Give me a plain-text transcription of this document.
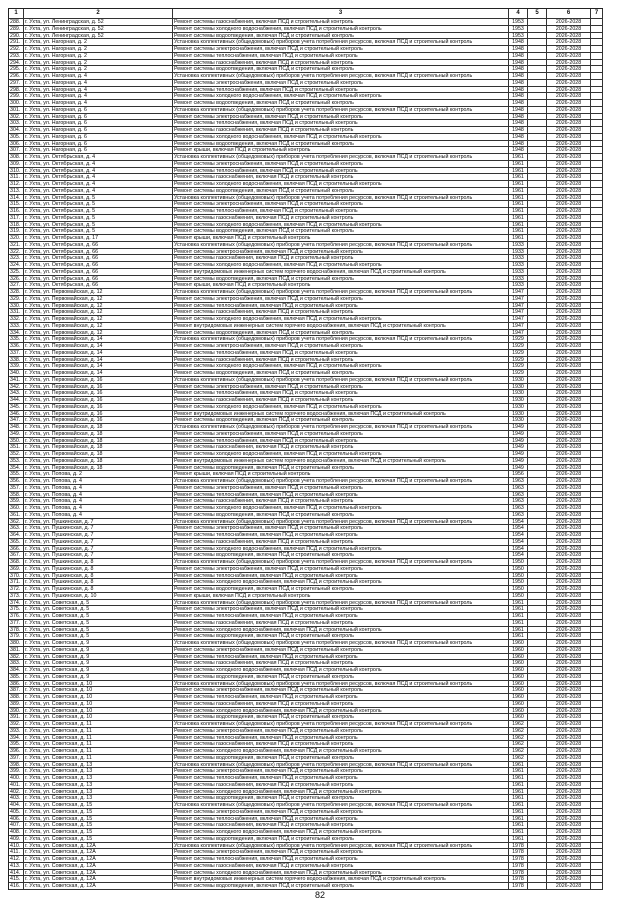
1	2	3	4	5	6	7
288. г. Ухта, ул. Ленинградская, д. 52	Ремонт системы газоснабжения, включая ПСД и строительный контроль	1953	2026-2028
289. г. Ухта, ул. Ленинградская, д. 52	Ремонт системы холодного водоснабжения, включая ПСД и строительный контроль	1953	2026-2028
290. г. Ухта, ул. Ленинградская, д. 52	Ремонт системы водоотведения, включая ПСД и строительный контроль	1953	2026-2028
291. г. Ухта, ул. Нагорная, д. 2	Установка коллективных (общедомовых) приборов учета потребления ресурсов, включая ПСД и строительный контроль	1948	2026-2028
292. г. Ухта, ул. Нагорная, д. 2	Ремонт системы электроснабжения, включая ПСД и строительный контроль	1948	2026-2028
293. г. Ухта, ул. Нагорная, д. 2	Ремонт системы теплоснабжения, включая ПСД и строительный контроль	1948	2026-2028
294. г. Ухта, ул. Нагорная, д. 2	Ремонт системы газоснабжения, включая ПСД и строительный контроль	1948	2026-2028
295. г. Ухта, ул. Нагорная, д. 2	Ремонт системы водоотведения, включая ПСД и строительный контроль	1948	2026-2028
296. г. Ухта, ул. Нагорная, д. 4	Установка коллективных (общедомовых) приборов учета потребления ресурсов, включая ПСД и строительный контроль	1948	2026-2028
297. г. Ухта, ул. Нагорная, д. 4	Ремонт системы электроснабжения, включая ПСД и строительный контроль	1948	2026-2028
298. г. Ухта, ул. Нагорная, д. 4	Ремонт системы теплоснабжения, включая ПСД и строительный контроль	1948	2026-2028
299. г. Ухта, ул. Нагорная, д. 4	Ремонт системы холодного водоснабжения, включая ПСД и строительный контроль	1948	2026-2028
300. г. Ухта, ул. Нагорная, д. 4	Ремонт системы водоотведения, включая ПСД и строительный контроль	1948	2026-2028
301. г. Ухта, ул. Нагорная, д. 6	Установка коллективных (общедомовых) приборов учета потребления ресурсов, включая ПСД и строительный контроль	1948	2026-2028
302. г. Ухта, ул. Нагорная, д. 6	Ремонт системы электроснабжения, включая ПСД и строительный контроль	1948	2026-2028
303. г. Ухта, ул. Нагорная, д. 6	Ремонт системы теплоснабжения, включая ПСД и строительный контроль	1948	2026-2028
304. г. Ухта, ул. Нагорная, д. 6	Ремонт системы газоснабжения, включая ПСД и строительный контроль	1948	2026-2028
305. г. Ухта, ул. Нагорная, д. 6	Ремонт системы холодного водоснабжения, включая ПСД и строительный контроль	1948	2026-2028
306. г. Ухта, ул. Нагорная, д. 6	Ремонт системы водоотведения, включая ПСД и строительный контроль	1948	2026-2028
307. г. Ухта, ул. Нагорная, д. 6	Ремонт крыши, включая ПСД и строительный контроль	1948	2026-2028
308. г. Ухта, ул. Октябрьская, д. 4	Установка коллективных (общедомовых) приборов учета потребления ресурсов, включая ПСД и строительный контроль	1961	2026-2028
309. г. Ухта, ул. Октябрьская, д. 4	Ремонт системы электроснабжения, включая ПСД и строительный контроль	1961	2026-2028
310. г. Ухта, ул. Октябрьская, д. 4	Ремонт системы теплоснабжения, включая ПСД и строительный контроль	1961	2026-2028
311. г. Ухта, ул. Октябрьская, д. 4	Ремонт системы газоснабжения, включая ПСД и строительный контроль	1961	2026-2028
312. г. Ухта, ул. Октябрьская, д. 4	Ремонт системы холодного водоснабжения, включая ПСД и строительный контроль	1961	2026-2028
313. г. Ухта, ул. Октябрьская, д. 4	Ремонт системы водоотведения, включая ПСД и строительный контроль	1961	2026-2028
314. г. Ухта, ул. Октябрьская, д. 5	Установка коллективных (общедомовых) приборов учета потребления ресурсов, включая ПСД и строительный контроль	1961	2026-2028
315. г. Ухта, ул. Октябрьская, д. 5	Ремонт системы электроснабжения, включая ПСД и строительный контроль	1961	2026-2028
316. г. Ухта, ул. Октябрьская, д. 5	Ремонт системы теплоснабжения, включая ПСД и строительный контроль	1961	2026-2028
317. г. Ухта, ул. Октябрьская, д. 5	Ремонт системы газоснабжения, включая ПСД и строительный контроль	1961	2026-2028
318. г. Ухта, ул. Октябрьская, д. 5	Ремонт системы холодного водоснабжения, включая ПСД и строительный контроль	1961	2026-2028
319. г. Ухта, ул. Октябрьская, д. 5	Ремонт системы водоотведения, включая ПСД и строительный контроль	1961	2026-2028
320. г. Ухта, ул. Октябрьская, д. 17	Ремонт крыши, включая ПСД и строительный контроль	1961	2026-2028
321. г. Ухта, ул. Октябрьская, д. 66	Установка коллективных (общедомовых) приборов учета потребления ресурсов, включая ПСД и строительный контроль	1933	2026-2028
322. г. Ухта, ул. Октябрьская, д. 66	Ремонт системы электроснабжения, включая ПСД и строительный контроль	1933	2026-2028
323. г. Ухта, ул. Октябрьская, д. 66	Ремонт системы газоснабжения, включая ПСД и строительный контроль	1933	2026-2028
324. г. Ухта, ул. Октябрьская, д. 66	Ремонт системы холодного водоснабжения, включая ПСД и строительный контроль	1933	2026-2028
325. г. Ухта, ул. Октябрьская, д. 66	Ремонт внутридомовых инженерных систем горячего водоснабжения, включая ПСД и строительный контроль	1933	2026-2028
326. г. Ухта, ул. Октябрьская, д. 66	Ремонт системы водоотведения, включая ПСД и строительный контроль	1933	2026-2028
327. г. Ухта, ул. Октябрьская, д. 66	Ремонт крыши, включая ПСД и строительный контроль	1933	2026-2028
328. г. Ухта, ул. Первомайская, д. 12	Установка коллективных (общедомовых) приборов учета потребления ресурсов, включая ПСД и строительный контроль	1947	2026-2028
329. г. Ухта, ул. Первомайская, д. 12	Ремонт системы электроснабжения, включая ПСД и строительный контроль	1947	2026-2028
330. г. Ухта, ул. Первомайская, д. 12	Ремонт системы теплоснабжения, включая ПСД и строительный контроль	1947	2026-2028
331. г. Ухта, ул. Первомайская, д. 12	Ремонт системы газоснабжения, включая ПСД и строительный контроль	1947	2026-2028
332. г. Ухта, ул. Первомайская, д. 12	Ремонт системы холодного водоснабжения, включая ПСД и строительный контроль	1947	2026-2028
333. г. Ухта, ул. Первомайская, д. 12	Ремонт внутридомовых инженерных систем горячего водоснабжения, включая ПСД и строительный контроль	1947	2026-2028
334. г. Ухта, ул. Первомайская, д. 12	Ремонт системы водоотведения, включая ПСД и строительный контроль	1947	2026-2028
335. г. Ухта, ул. Первомайская, д. 14	Установка коллективных (общедомовых) приборов учета потребления ресурсов, включая ПСД и строительный контроль	1929	2026-2028
336. г. Ухта, ул. Первомайская, д. 14	Ремонт системы электроснабжения, включая ПСД и строительный контроль	1929	2026-2028
337. г. Ухта, ул. Первомайская, д. 14	Ремонт системы теплоснабжения, включая ПСД и строительный контроль	1929	2026-2028
338. г. Ухта, ул. Первомайская, д. 14	Ремонт системы газоснабжения, включая ПСД и строительный контроль	1929	2026-2028
339. г. Ухта, ул. Первомайская, д. 14	Ремонт системы холодного водоснабжения, включая ПСД и строительный контроль	1929	2026-2028
340. г. Ухта, ул. Первомайская, д. 14	Ремонт системы водоотведения, включая ПСД и строительный контроль	1929	2026-2028
341. г. Ухта, ул. Первомайская, д. 16	Установка коллективных (общедомовых) приборов учета потребления ресурсов, включая ПСД и строительный контроль	1930	2026-2028
342. г. Ухта, ул. Первомайская, д. 16	Ремонт системы электроснабжения, включая ПСД и строительный контроль	1930	2026-2028
343. г. Ухта, ул. Первомайская, д. 16	Ремонт системы теплоснабжения, включая ПСД и строительный контроль	1930	2026-2028
344. г. Ухта, ул. Первомайская, д. 16	Ремонт системы газоснабжения, включая ПСД и строительный контроль	1930	2026-2028
345. г. Ухта, ул. Первомайская, д. 16	Ремонт системы холодного водоснабжения, включая ПСД и строительный контроль	1930	2026-2028
346. г. Ухта, ул. Первомайская, д. 16	Ремонт внутридомовых инженерных систем горячего водоснабжения, включая ПСД и строительный контроль	1930	2026-2028
347. г. Ухта, ул. Первомайская, д. 16	Ремонт системы водоотведения, включая ПСД и строительный контроль	1930	2026-2028
348. г. Ухта, ул. Первомайская, д. 18	Установка коллективных (общедомовых) приборов учета потребления ресурсов, включая ПСД и строительный контроль	1949	2026-2028
349. г. Ухта, ул. Первомайская, д. 18	Ремонт системы электроснабжения, включая ПСД и строительный контроль	1949	2026-2028
350. г. Ухта, ул. Первомайская, д. 18	Ремонт системы теплоснабжения, включая ПСД и строительный контроль	1949	2026-2028
351. г. Ухта, ул. Первомайская, д. 18	Ремонт системы газоснабжения, включая ПСД и строительный контроль	1949	2026-2028
352. г. Ухта, ул. Первомайская, д. 18	Ремонт системы холодного водоснабжения, включая ПСД и строительный контроль	1949	2026-2028
353. г. Ухта, ул. Первомайская, д. 18	Ремонт внутридомовых инженерных систем горячего водоснабжения, включая ПСД и строительный контроль	1949	2026-2028
354. г. Ухта, ул. Первомайская, д. 18	Ремонт системы водоотведения, включая ПСД и строительный контроль	1949	2026-2028
355. г. Ухта, ул. Попова, д. 2	Ремонт крыши, включая ПСД и строительный контроль	1956	2026-2028
356. г. Ухта, ул. Попова, д. 4	Установка коллективных (общедомовых) приборов учета потребления ресурсов, включая ПСД и строительный контроль	1963	2026-2028
357. г. Ухта, ул. Попова, д. 4	Ремонт системы электроснабжения, включая ПСД и строительный контроль	1963	2026-2028
358. г. Ухта, ул. Попова, д. 4	Ремонт системы теплоснабжения, включая ПСД и строительный контроль	1963	2026-2028
359. г. Ухта, ул. Попова, д. 4	Ремонт системы газоснабжения, включая ПСД и строительный контроль	1963	2026-2028
360. г. Ухта, ул. Попова, д. 4	Ремонт системы холодного водоснабжения, включая ПСД и строительный контроль	1963	2026-2028
361. г. Ухта, ул. Попова, д. 4	Ремонт системы водоотведения, включая ПСД и строительный контроль	1963	2026-2028
362. г. Ухта, ул. Пушкинская, д. 7	Установка коллективных (общедомовых) приборов учета потребления ресурсов, включая ПСД и строительный контроль	1954	2026-2028
363. г. Ухта, ул. Пушкинская, д. 7	Ремонт системы электроснабжения, включая ПСД и строительный контроль	1954	2026-2028
364. г. Ухта, ул. Пушкинская, д. 7	Ремонт системы теплоснабжения, включая ПСД и строительный контроль	1954	2026-2028
365. г. Ухта, ул. Пушкинская, д. 7	Ремонт системы газоснабжения, включая ПСД и строительный контроль	1954	2026-2028
366. г. Ухта, ул. Пушкинская, д. 7	Ремонт системы холодного водоснабжения, включая ПСД и строительный контроль	1954	2026-2028
367. г. Ухта, ул. Пушкинская, д. 7	Ремонт системы водоотведения, включая ПСД и строительный контроль	1954	2026-2028
368. г. Ухта, ул. Пушкинская, д. 8	Установка коллективных (общедомовых) приборов учета потребления ресурсов, включая ПСД и строительный контроль	1950	2026-2028
369. г. Ухта, ул. Пушкинская, д. 8	Ремонт системы электроснабжения, включая ПСД и строительный контроль	1950	2026-2028
370. г. Ухта, ул. Пушкинская, д. 8	Ремонт системы теплоснабжения, включая ПСД и строительный контроль	1950	2026-2028
371. г. Ухта, ул. Пушкинская, д. 8	Ремонт системы холодного водоснабжения, включая ПСД и строительный контроль	1950	2026-2028
372. г. Ухта, ул. Пушкинская, д. 8	Ремонт системы водоотведения, включая ПСД и строительный контроль	1950	2026-2028
373. г. Ухта, ул. Пушкинская, д. 10	Ремонт крыши, включая ПСД и строительный контроль	1950	2026-2028
374. г. Ухта, ул. Советская, д. 5	Установка коллективных (общедомовых) приборов учета потребления ресурсов, включая ПСД и строительный контроль	1961	2026-2028
375. г. Ухта, ул. Советская, д. 5	Ремонт системы электроснабжения, включая ПСД и строительный контроль	1961	2026-2028
376. г. Ухта, ул. Советская, д. 5	Ремонт системы теплоснабжения, включая ПСД и строительный контроль	1961	2026-2028
377. г. Ухта, ул. Советская, д. 5	Ремонт системы газоснабжения, включая ПСД и строительный контроль	1961	2026-2028
378. г. Ухта, ул. Советская, д. 5	Ремонт системы холодного водоснабжения, включая ПСД и строительный контроль	1961	2026-2028
379. г. Ухта, ул. Советская, д. 5	Ремонт системы водоотведения, включая ПСД и строительный контроль	1961	2026-2028
380. г. Ухта, ул. Советская, д. 9	Установка коллективных (общедомовых) приборов учета потребления ресурсов, включая ПСД и строительный контроль	1960	2026-2028
381. г. Ухта, ул. Советская, д. 9	Ремонт системы электроснабжения, включая ПСД и строительный контроль	1960	2026-2028
382. г. Ухта, ул. Советская, д. 9	Ремонт системы теплоснабжения, включая ПСД и строительный контроль	1960	2026-2028
383. г. Ухта, ул. Советская, д. 9	Ремонт системы газоснабжения, включая ПСД и строительный контроль	1960	2026-2028
384. г. Ухта, ул. Советская, д. 9	Ремонт системы холодного водоснабжения, включая ПСД и строительный контроль	1960	2026-2028
385. г. Ухта, ул. Советская, д. 9	Ремонт системы водоотведения, включая ПСД и строительный контроль	1960	2026-2028
386. г. Ухта, ул. Советская, д. 10	Установка коллективных (общедомовых) приборов учета потребления ресурсов, включая ПСД и строительный контроль	1960	2026-2028
387. г. Ухта, ул. Советская, д. 10	Ремонт системы электроснабжения, включая ПСД и строительный контроль	1960	2026-2028
388. г. Ухта, ул. Советская, д. 10	Ремонт системы теплоснабжения, включая ПСД и строительный контроль	1960	2026-2028
389. г. Ухта, ул. Советская, д. 10	Ремонт системы газоснабжения, включая ПСД и строительный контроль	1960	2026-2028
390. г. Ухта, ул. Советская, д. 10	Ремонт системы холодного водоснабжения, включая ПСД и строительный контроль	1960	2026-2028
391. г. Ухта, ул. Советская, д. 10	Ремонт системы водоотведения, включая ПСД и строительный контроль	1960	2026-2028
392. г. Ухта, ул. Советская, д. 11	Установка коллективных (общедомовых) приборов учета потребления ресурсов, включая ПСД и строительный контроль	1962	2026-2028
393. г. Ухта, ул. Советская, д. 11	Ремонт системы электроснабжения, включая ПСД и строительный контроль	1962	2026-2028
394. г. Ухта, ул. Советская, д. 11	Ремонт системы теплоснабжения, включая ПСД и строительный контроль	1962	2026-2028
395. г. Ухта, ул. Советская, д. 11	Ремонт системы газоснабжения, включая ПСД и строительный контроль	1962	2026-2028
396. г. Ухта, ул. Советская, д. 11	Ремонт системы холодного водоснабжения, включая ПСД и строительный контроль	1962	2026-2028
397. г. Ухта, ул. Советская, д. 11	Ремонт системы водоотведения, включая ПСД и строительный контроль	1962	2026-2028
398. г. Ухта, ул. Советская, д. 13	Установка коллективных (общедомовых) приборов учета потребления ресурсов, включая ПСД и строительный контроль	1961	2026-2028
399. г. Ухта, ул. Советская, д. 13	Ремонт системы электроснабжения, включая ПСД и строительный контроль	1961	2026-2028
400. г. Ухта, ул. Советская, д. 13	Ремонт системы теплоснабжения, включая ПСД и строительный контроль	1961	2026-2028
401. г. Ухта, ул. Советская, д. 13	Ремонт системы газоснабжения, включая ПСД и строительный контроль	1961	2026-2028
402. г. Ухта, ул. Советская, д. 13	Ремонт системы холодного водоснабжения, включая ПСД и строительный контроль	1961	2026-2028
403. г. Ухта, ул. Советская, д. 13	Ремонт системы водоотведения, включая ПСД и строительный контроль	1961	2026-2028
404. г. Ухта, ул. Советская, д. 15	Установка коллективных (общедомовых) приборов учета потребления ресурсов, включая ПСД и строительный контроль	1961	2026-2028
405. г. Ухта, ул. Советская, д. 15	Ремонт системы электроснабжения, включая ПСД и строительный контроль	1961	2026-2028
406. г. Ухта, ул. Советская, д. 15	Ремонт системы теплоснабжения, включая ПСД и строительный контроль	1961	2026-2028
407. г. Ухта, ул. Советская, д. 15	Ремонт системы газоснабжения, включая ПСД и строительный контроль	1961	2026-2028
408. г. Ухта, ул. Советская, д. 15	Ремонт системы холодного водоснабжения, включая ПСД и строительный контроль	1961	2026-2028
409. г. Ухта, ул. Советская, д. 15	Ремонт системы водоотведения, включая ПСД и строительный контроль	1961	2026-2028
410. г. Ухта, ул. Советская, д. 12А	Установка коллективных (общедомовых) приборов учета потребления ресурсов, включая ПСД и строительный контроль	1978	2026-2028
411. г. Ухта, ул. Советская, д. 12А	Ремонт системы электроснабжения, включая ПСД и строительный контроль	1978	2026-2028
412. г. Ухта, ул. Советская, д. 12А	Ремонт системы теплоснабжения, включая ПСД и строительный контроль	1978	2026-2028
413. г. Ухта, ул. Советская, д. 12А	Ремонт системы газоснабжения, включая ПСД и строительный контроль	1978	2026-2028
414. г. Ухта, ул. Советская, д. 12А	Ремонт системы холодного водоснабжения, включая ПСД и строительный контроль	1978	2026-2028
415. г. Ухта, ул. Советская, д. 12А	Ремонт внутридомовых инженерных систем горячего водоснабжения, включая ПСД и строительный контроль	1978	2026-2028
416. г. Ухта, ул. Советская, д. 12А	Ремонт системы водоотведения, включая ПСД и строительный контроль	1978	2026-2028
82
